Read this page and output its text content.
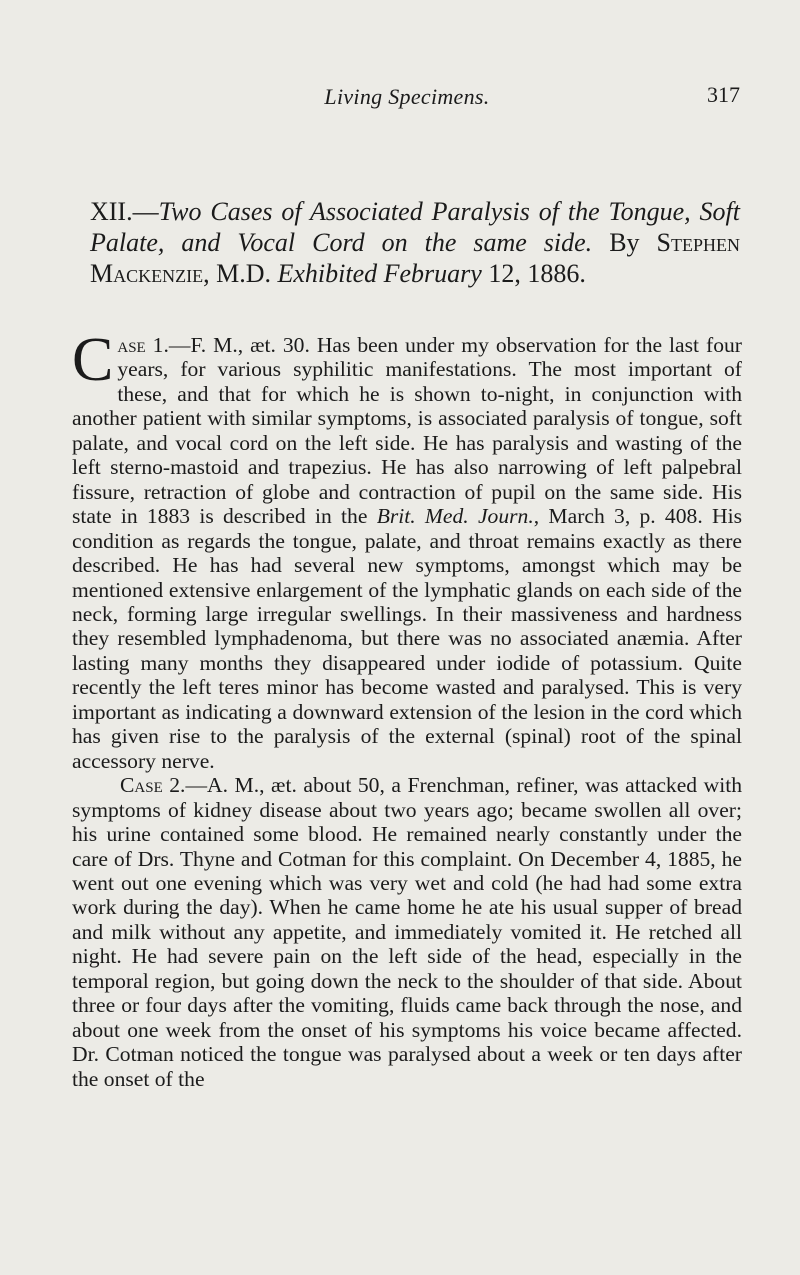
Living Specimens.	317
XII.—Two Cases of Associated Paralysis of the Tongue, Soft Palate, and Vocal Cord on the same side. By Stephen Mackenzie, M.D. Exhibited February 12, 1886.

Case 1.—F. M., æt. 30. Has been under my observation for the last four years, for various syphilitic manifestations. The most important of these, and that for which he is shown to-night, in conjunction with another patient with similar symptoms, is associated paralysis of tongue, soft palate, and vocal cord on the left side. He has paralysis and wasting of the left sterno-mastoid and trapezius. He has also narrowing of left palpebral fissure, retraction of globe and contraction of pupil on the same side. His state in 1883 is described in the Brit. Med. Journ., March 3, p. 408. His condition as regards the tongue, palate, and throat remains exactly as there described. He has had several new symptoms, amongst which may be mentioned extensive enlargement of the lymphatic glands on each side of the neck, forming large irregular swellings. In their massiveness and hardness they resembled lymphadenoma, but there was no associated anæmia. After lasting many months they disappeared under iodide of potassium. Quite recently the left teres minor has become wasted and paralysed. This is very important as indicating a downward extension of the lesion in the cord which has given rise to the paralysis of the external (spinal) root of the spinal accessory nerve.

Case 2.—A. M., æt. about 50, a Frenchman, refiner, was attacked with symptoms of kidney disease about two years ago; became swollen all over; his urine contained some blood. He remained nearly constantly under the care of Drs. Thyne and Cotman for this complaint. On December 4, 1885, he went out one evening which was very wet and cold (he had had some extra work during the day). When he came home he ate his usual supper of bread and milk without any appetite, and immediately vomited it. He retched all night. He had severe pain on the left side of the head, especially in the temporal region, but going down the neck to the shoulder of that side. About three or four days after the vomiting, fluids came back through the nose, and about one week from the onset of his symptoms his voice became affected. Dr. Cotman noticed the tongue was paralysed about a week or ten days after the onset of the
